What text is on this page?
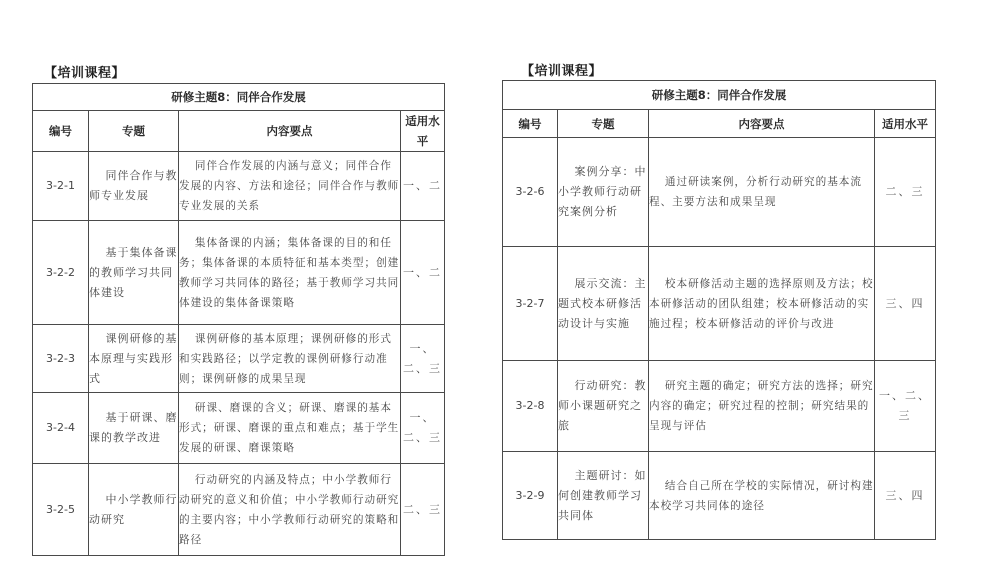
【培训课程】
研修主题8：同伴合作发展			
编号	专题	内容要点	适用水平
3-2-1	同伴合作与教师专业发展	同伴合作发展的内涵与意义；同伴合作发展的内容、方法和途径；同伴合作与教师专业发展的关系	一、二
3-2-2	基于集体备课的教师学习共同体建设	集体备课的内涵；集体备课的目的和任务；集体备课的本质特征和基本类型；创建教师学习共同体的路径；基于教师学习共同体建设的集体备课策略	一、二
3-2-3	课例研修的基本原理与实践形式	课例研修的基本原理；课例研修的形式和实践路径；以学定教的课例研修行动准则；课例研修的成果呈现	一、二、三
3-2-4	基于研课、磨课的教学改进	研课、磨课的含义；研课、磨课的基本形式；研课、磨课的重点和难点；基于学生发展的研课、磨课策略	一、二、三
3-2-5	中小学教师行动研究	行动研究的内涵及特点；中小学教师行动研究的意义和价值；中小学教师行动研究的主要内容；中小学教师行动研究的策略和路径	二、三
【培训课程】
研修主题8：同伴合作发展			
编号	专题	内容要点	适用水平
3-2-6	案例分享：中小学教师行动研究案例分析	通过研读案例，分析行动研究的基本流程、主要方法和成果呈现	二、三
3-2-7	展示交流：主题式校本研修活动设计与实施	校本研修活动主题的选择原则及方法；校本研修活动的团队组建；校本研修活动的实施过程；校本研修活动的评价与改进	三、四
3-2-8	行动研究：教师小课题研究之旅	研究主题的确定；研究方法的选择；研究内容的确定；研究过程的控制；研究结果的呈现与评估	一、二、三
3-2-9	主题研讨：如何创建教师学习共同体	结合自己所在学校的实际情况，研讨构建本校学习共同体的途径	三、四
